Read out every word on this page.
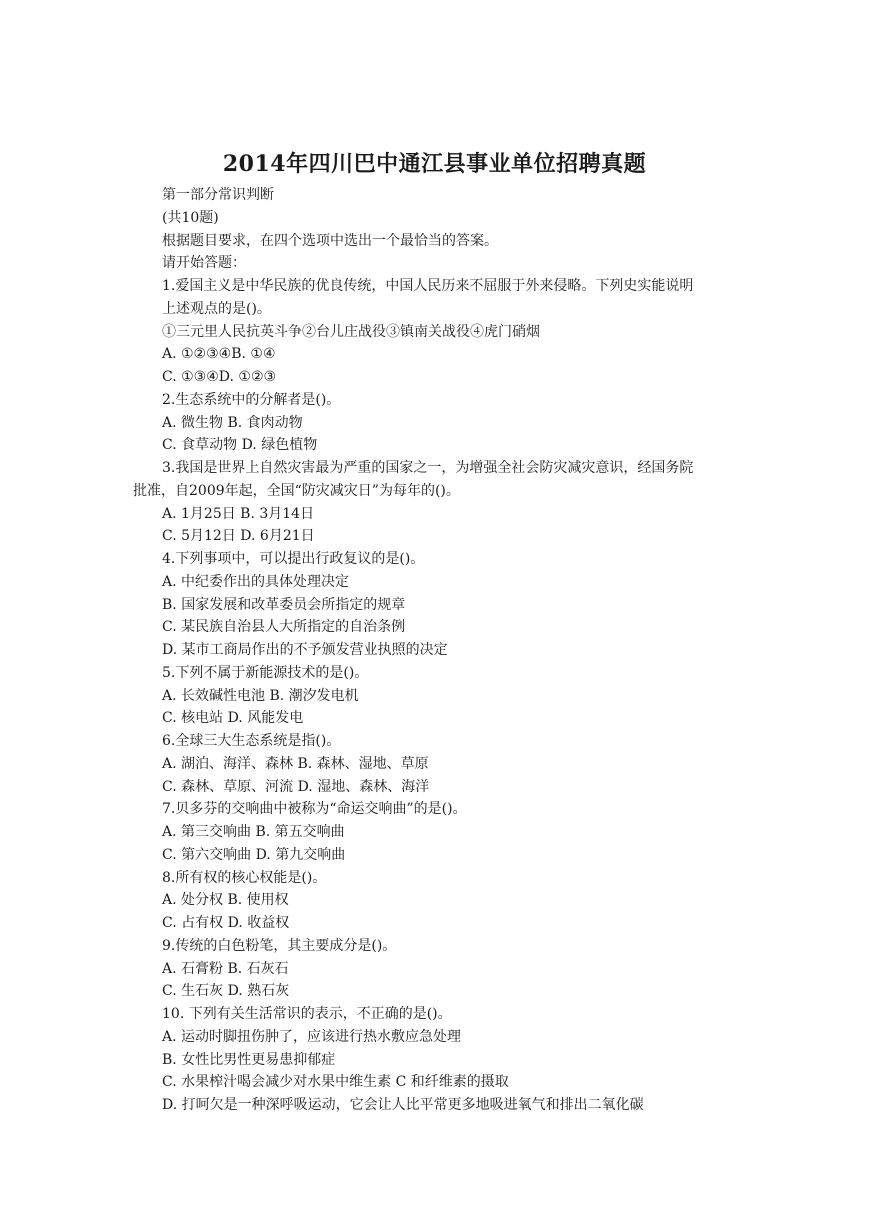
2014年四川巴中通江县事业单位招聘真题
第一部分常识判断
(共10题)
根据题目要求，在四个选项中选出一个最恰当的答案。
请开始答题：
1.爱国主义是中华民族的优良传统，中国人民历来不屈服于外来侵略。下列史实能说明
上述观点的是()。
①三元里人民抗英斗争②台儿庄战役③镇南关战役④虎门硝烟
A. ①②③④B. ①④
C. ①③④D. ①②③
2.生态系统中的分解者是()。
A. 微生物 B. 食肉动物
C. 食草动物 D. 绿色植物
3.我国是世界上自然灾害最为严重的国家之一，为增强全社会防灾减灾意识，经国务院
批准，自2009年起，全国“防灾减灾日”为每年的()。
A. 1月25日 B. 3月14日
C. 5月12日 D. 6月21日
4.下列事项中，可以提出行政复议的是()。
A. 中纪委作出的具体处理决定
B. 国家发展和改革委员会所指定的规章
C. 某民族自治县人大所指定的自治条例
D. 某市工商局作出的不予颁发营业执照的决定
5.下列不属于新能源技术的是()。
A. 长效碱性电池 B. 潮汐发电机
C. 核电站 D. 风能发电
6.全球三大生态系统是指()。
A. 湖泊、海洋、森林 B. 森林、湿地、草原
C. 森林、草原、河流 D. 湿地、森林、海洋
7.贝多芬的交响曲中被称为“命运交响曲”的是()。
A. 第三交响曲 B. 第五交响曲
C. 第六交响曲 D. 第九交响曲
8.所有权的核心权能是()。
A. 处分权 B. 使用权
C. 占有权 D. 收益权
9.传统的白色粉笔，其主要成分是()。
A. 石膏粉 B. 石灰石
C. 生石灰 D. 熟石灰
10. 下列有关生活常识的表示，不正确的是()。
A. 运动时脚扭伤肿了，应该进行热水敷应急处理
B. 女性比男性更易患抑郁症
C. 水果榨汁喝会减少对水果中维生素 C 和纤维素的摄取
D. 打呵欠是一种深呼吸运动，它会让人比平常更多地吸进氧气和排出二氧化碳
